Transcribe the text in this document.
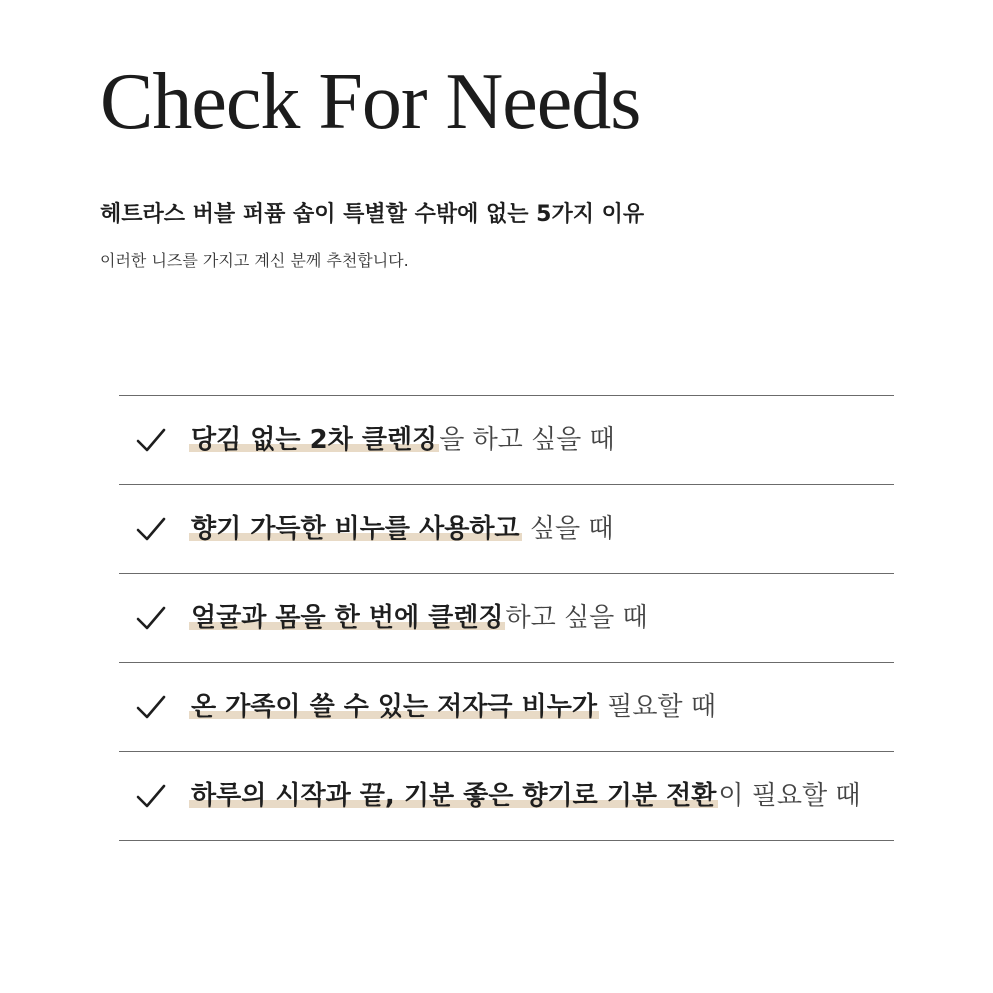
Check For Needs

헤트라스 버블 퍼퓸 솝이 특별할 수밖에 없는 5가지 이유

이러한 니즈를 가지고 계신 분께 추천합니다.

당김 없는 2차 클렌징을 하고 싶을 때
향기 가득한 비누를 사용하고 싶을 때
얼굴과 몸을 한 번에 클렌징하고 싶을 때
온 가족이 쓸 수 있는 저자극 비누가 필요할 때
하루의 시작과 끝, 기분 좋은 향기로 기분 전환이 필요할 때
